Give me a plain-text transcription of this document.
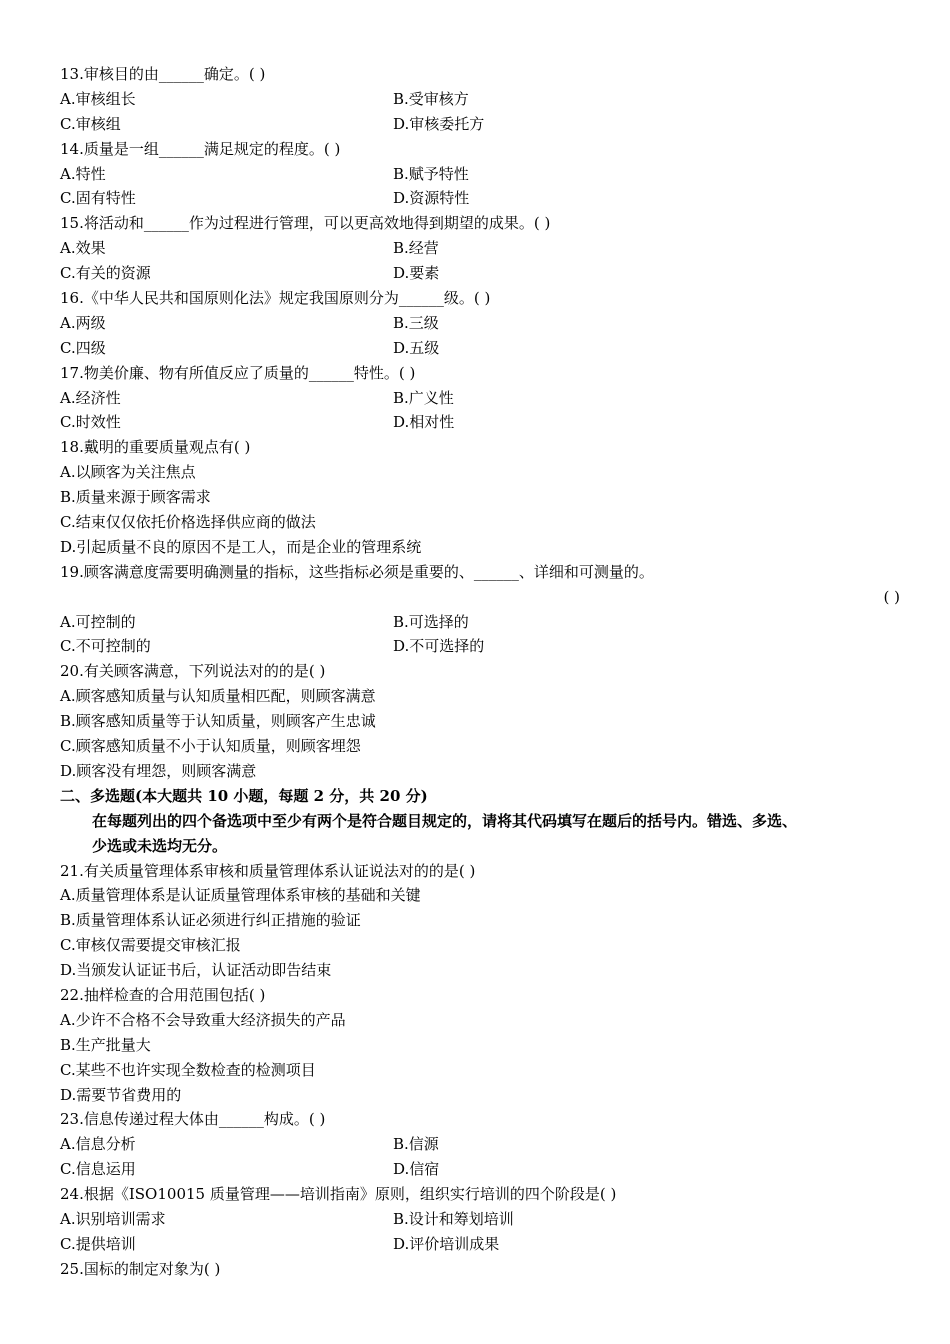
13.审核目的由______确定。( )
A.审核组长	B.受审核方
C.审核组	D.审核委托方
14.质量是一组______满足规定的程度。( )
A.特性	B.赋予特性
C.固有特性	D.资源特性
15.将活动和______作为过程进行管理，可以更高效地得到期望的成果。( )
A.效果	B.经营
C.有关的资源	D.要素
16.《中华人民共和国原则化法》规定我国原则分为______级。( )
A.两级	B.三级
C.四级	D.五级
17.物美价廉、物有所值反应了质量的______特性。( )
A.经济性	B.广义性
C.时效性	D.相对性
18.戴明的重要质量观点有( )
A.以顾客为关注焦点
B.质量来源于顾客需求
C.结束仅仅依托价格选择供应商的做法
D.引起质量不良的原因不是工人，而是企业的管理系统
19.顾客满意度需要明确测量的指标，这些指标必须是重要的、______、详细和可测量的。
( )
A.可控制的	B.可选择的
C.不可控制的	D.不可选择的
20.有关顾客满意，下列说法对的的是( )
A.顾客感知质量与认知质量相匹配，则顾客满意
B.顾客感知质量等于认知质量，则顾客产生忠诚
C.顾客感知质量不小于认知质量，则顾客埋怨
D.顾客没有埋怨，则顾客满意
二、多选题(本大题共 10 小题，每题 2 分，共 20 分)
在每题列出的四个备选项中至少有两个是符合题目规定的，请将其代码填写在题后的括号内。错选、多选、
少选或未选均无分。
21.有关质量管理体系审核和质量管理体系认证说法对的的是( )
A.质量管理体系是认证质量管理体系审核的基础和关键
B.质量管理体系认证必须进行纠正措施的验证
C.审核仅需要提交审核汇报
D.当颁发认证证书后，认证活动即告结束
22.抽样检查的合用范围包括( )
A.少许不合格不会导致重大经济损失的产品
B.生产批量大
C.某些不也许实现全数检查的检测项目
D.需要节省费用的
23.信息传递过程大体由______构成。( )
A.信息分析	B.信源
C.信息运用	D.信宿
24.根据《ISO10015 质量管理——培训指南》原则，组织实行培训的四个阶段是( )
A.识别培训需求	B.设计和筹划培训
C.提供培训	D.评价培训成果
25.国标的制定对象为( )
